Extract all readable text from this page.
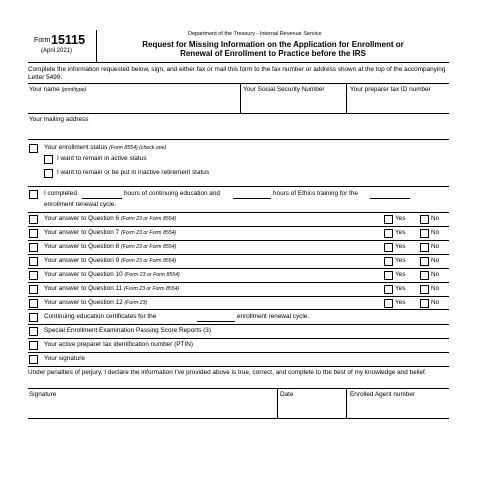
Form 15115
(April 2021)
Department of the Treasury - Internal Revenue Service
Request for Missing Information on the Application for Enrollment or
Renewal of Enrollment to Practice before the IRS
Complete the information requested below, sign, and either fax or mail this form to the fax number or address shown at the top of the accompanying Letter 5499.
Your name (print/type)	Your Social Security Number	Your preparer tax ID number
Your mailing address
Your enrollment status (Form 8554) (check one)
I want to remain in active status
I want to remain or be put in inactive retirement status
I completed	hours of continuing education and	hours of Ethics training for the
enrollment renewal cycle.
Your answer to Question 6 (Form 23 or Form 8554)	Yes	No
Your answer to Question 7 (Form 23 or Form 8554)	Yes	No
Your answer to Question 8 (Form 23 or Form 8554)	Yes	No
Your answer to Question 9 (Form 23 or Form 8554)	Yes	No
Your answer to Question 10 (Form 23 or Form 8554)	Yes	No
Your answer to Question 11 (Form 23 or Form 8554)	Yes	No
Your answer to Question 12 (Form 23)	Yes	No
Continuing education certificates for the	enrollment renewal cycle.
Special Enrollment Examination Passing Score Reports (3)
Your active preparer tax identification number (PTIN)
Your signature
Under penalties of perjury, I declare the information I've provided above is true, correct, and complete to the best of my knowledge and belief.
Signature	Date	Enrolled Agent number
